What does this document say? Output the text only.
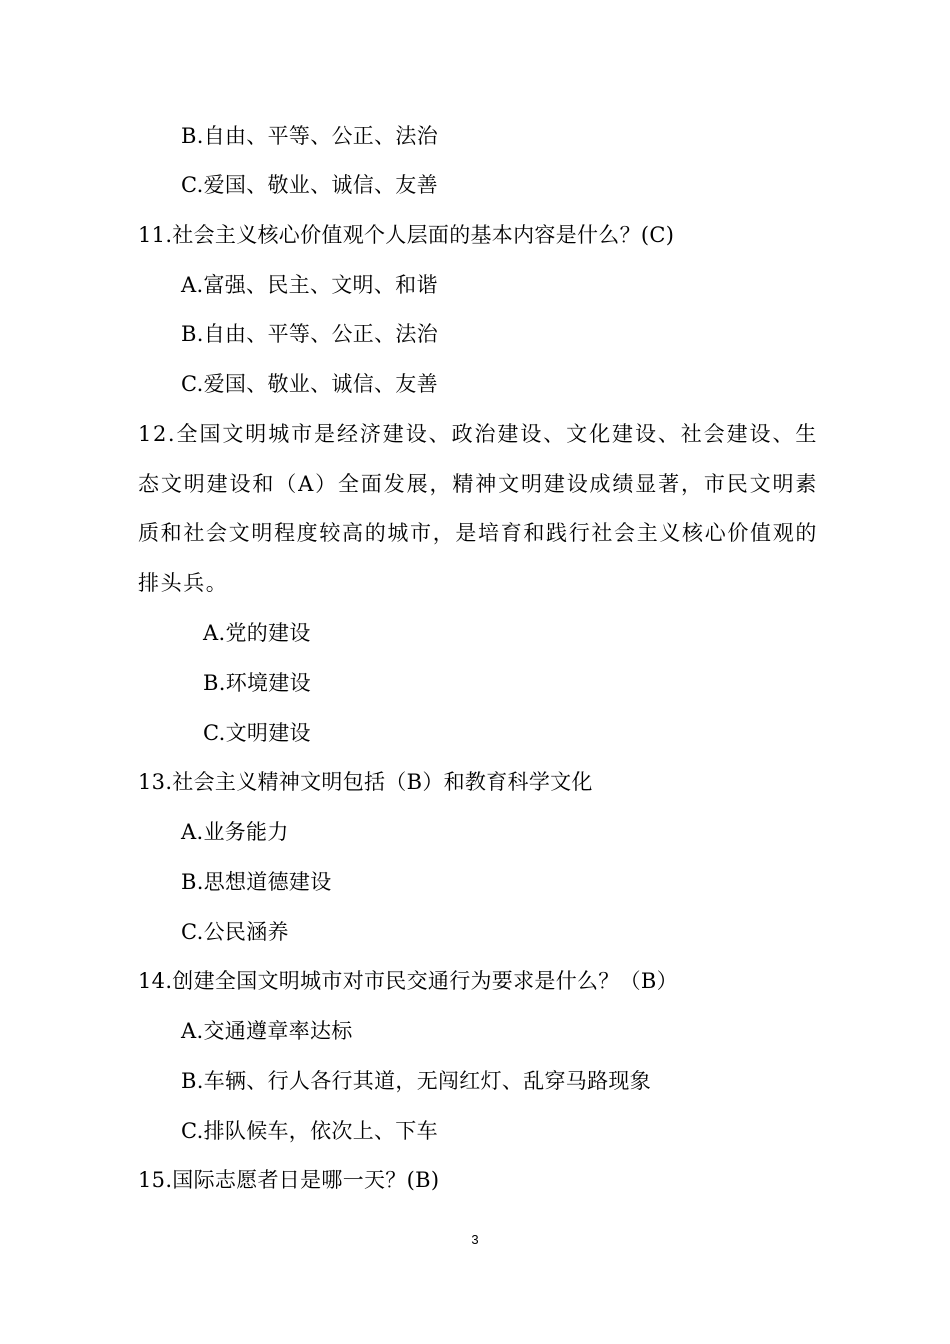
B.自由、平等、公正、法治
C.爱国、敬业、诚信、友善
11.社会主义核心价值观个人层面的基本内容是什么？(C)
A.富强、民主、文明、和谐
B.自由、平等、公正、法治
C.爱国、敬业、诚信、友善
12.全国文明城市是经济建设、政治建设、文化建设、社会建设、生态文明建设和（A）全面发展，精神文明建设成绩显著，市民文明素质和社会文明程度较高的城市，是培育和践行社会主义核心价值观的排头兵。
A.党的建设
B.环境建设
C.文明建设
13.社会主义精神文明包括（B）和教育科学文化
A.业务能力
B.思想道德建设
C.公民涵养
14.创建全国文明城市对市民交通行为要求是什么？（B）
A.交通遵章率达标
B.车辆、行人各行其道，无闯红灯、乱穿马路现象
C.排队候车，依次上、下车
15.国际志愿者日是哪一天？(B)
3
